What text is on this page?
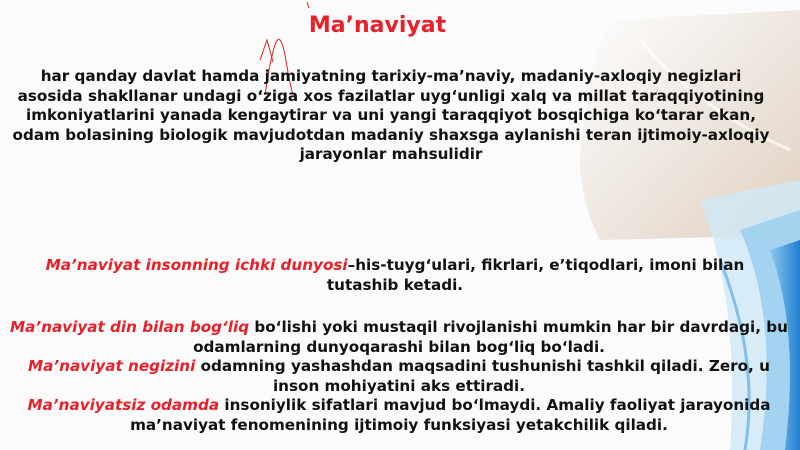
Ma’naviyat
har qanday davlat hamda jamiyatning tarixiy-ma’naviy, madaniy-axloqiy negizlari asosida shakllanar undagi o‘ziga xos fazilatlar uyg‘unligi xalq va millat taraqqiyotining imkoniyatlarini yanada kengaytirar va uni yangi taraqqiyot bosqichiga ko‘tarar ekan, odam bolasining biologik mavjudotdan madaniy shaxsga aylanishi teran ijtimoiy-axloqiy jarayonlar mahsulidir
Ma’naviyat insonning ichki dunyosi–his-tuyg‘ulari, fikrlari, e’tiqodlari, imoni bilan tutashib ketadi.
Ma’naviyat din bilan bog‘liq bo‘lishi yoki mustaqil rivojlanishi mumkin har bir davrdagi, bu odamlarning dunyoqarashi bilan bog‘liq bo‘ladi.
Ma’naviyat negizini odamning yashashdan maqsadini tushunishi tashkil qiladi. Zero, u inson mohiyatini aks ettiradi.
Ma’naviyatsiz odamda insoniylik sifatlari mavjud bo‘lmaydi. Amaliy faoliyat jarayonida ma’naviyat fenomenining ijtimoiy funksiyasi yetakchilik qiladi.
